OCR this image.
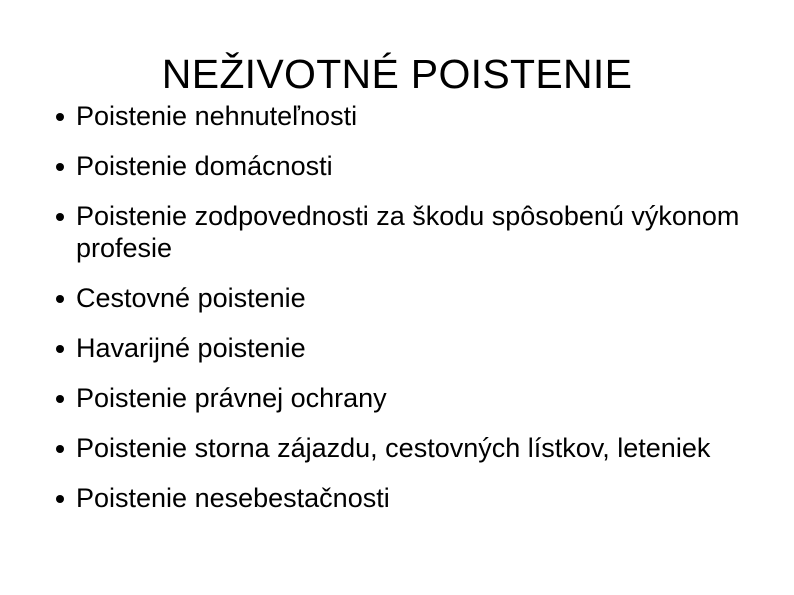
NEŽIVOTNÉ POISTENIE
Poistenie nehnuteľnosti
Poistenie domácnosti
Poistenie zodpovednosti za škodu spôsobenú výkonom profesie
Cestovné poistenie
Havarijné poistenie
Poistenie právnej ochrany
Poistenie storna zájazdu, cestovných lístkov, leteniek
Poistenie nesebestačnosti
